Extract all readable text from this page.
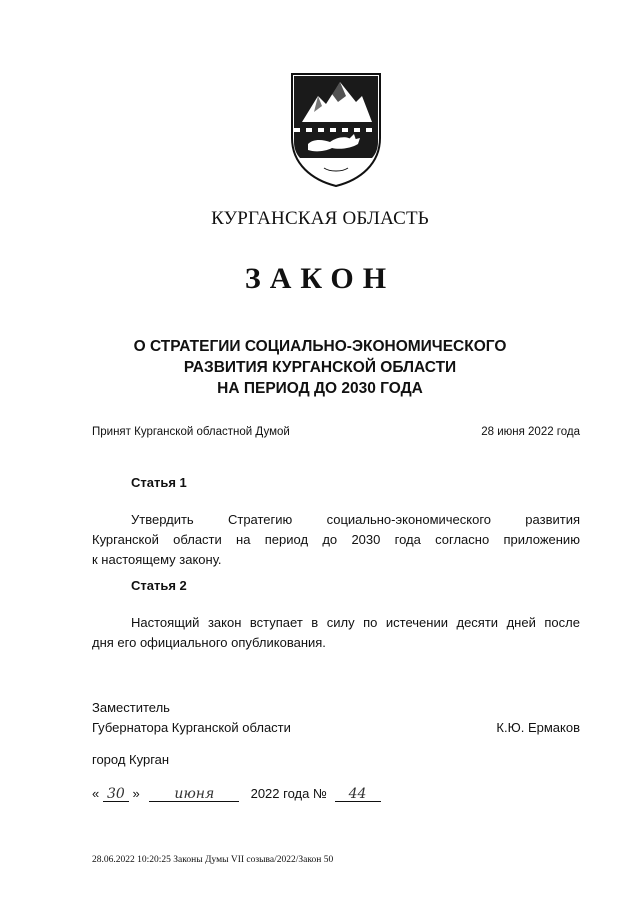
КУРГАНСКАЯ ОБЛАСТЬ
ЗАКОН
О СТРАТЕГИИ СОЦИАЛЬНО-ЭКОНОМИЧЕСКОГО
РАЗВИТИЯ КУРГАНСКОЙ ОБЛАСТИ
НА ПЕРИОД ДО 2030 ГОДА
Принят Курганской областной Думой	28 июня 2022 года
Статья 1
Утвердить	Стратегию	социально-экономического	развития
Курганской области на период до 2030 года согласно приложению
к настоящему закону.
Статья 2
Настоящий закон вступает в силу по истечении десяти дней после
дня его официального опубликования.
Заместитель
Губернатора Курганской области	К.Ю. Ермаков
город Курган
« 30 » июня	2022 года № 44
28.06.2022 10:20:25 Законы Думы VII созыва/2022/Закон 50
